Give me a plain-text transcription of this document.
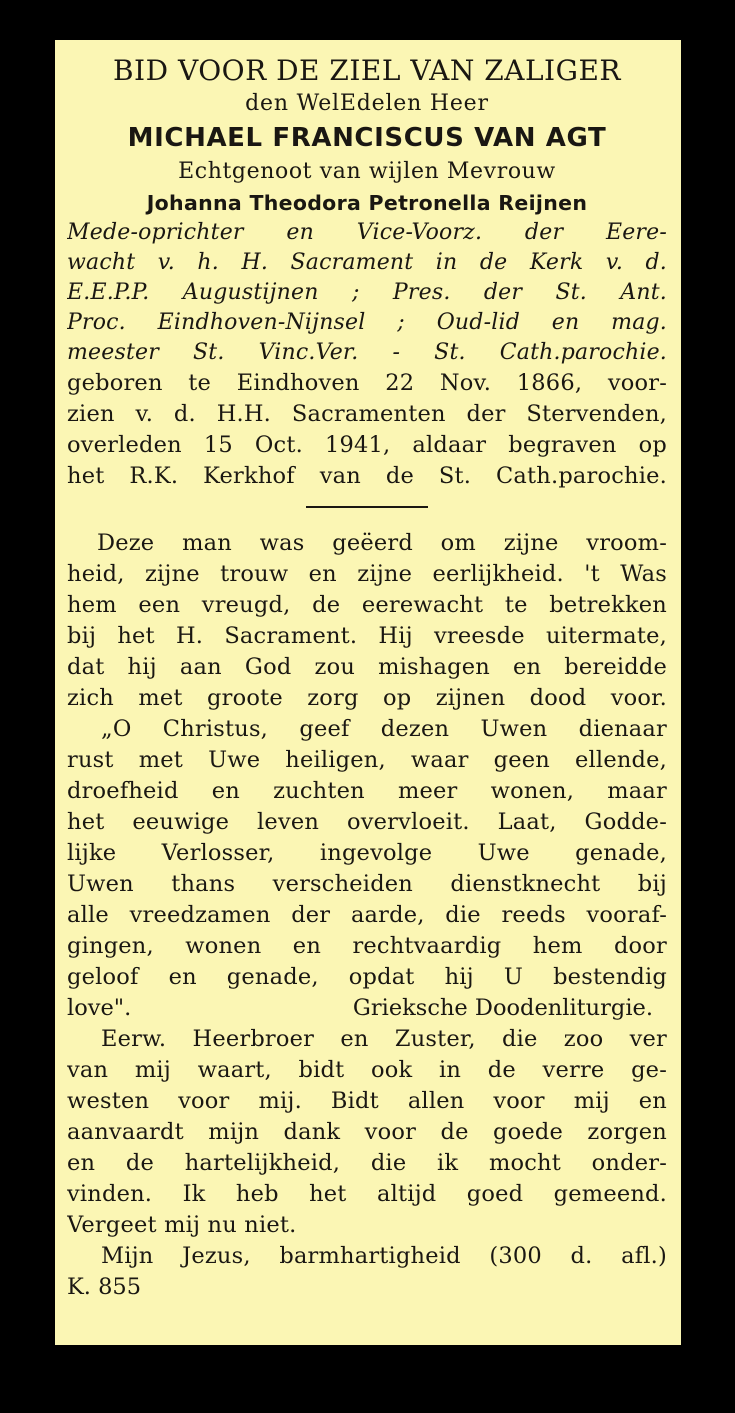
BID VOOR DE ZIEL VAN ZALIGER
den WelEdelen Heer
MICHAEL FRANCISCUS VAN AGT
Echtgenoot van wijlen Mevrouw
Johanna Theodora Petronella Reijnen
Mede-oprichter en Vice-Voorz. der Eere-
wacht v. h. H. Sacrament in de Kerk v. d.
E.E.P.P. Augustijnen ; Pres. der St. Ant.
Proc. Eindhoven-Nijnsel ; Oud-lid en mag.
meester St. Vinc.Ver. - St. Cath.parochie.
geboren te Eindhoven 22 Nov. 1866, voor-
zien v. d. H.H. Sacramenten der Stervenden,
overleden 15 Oct. 1941, aldaar begraven op
het R.K. Kerkhof van de St. Cath.parochie.
Deze man was geëerd om zijne vroom-
heid, zijne trouw en zijne eerlijkheid. 't Was
hem een vreugd, de eerewacht te betrekken
bij het H. Sacrament. Hij vreesde uitermate,
dat hij aan God zou mishagen en bereidde
zich met groote zorg op zijnen dood voor.
„O Christus, geef dezen Uwen dienaar
rust met Uwe heiligen, waar geen ellende,
droefheid en zuchten meer wonen, maar
het eeuwige leven overvloeit. Laat, Godde-
lijke Verlosser, ingevolge Uwe genade,
Uwen thans verscheiden dienstknecht bij
alle vreedzamen der aarde, die reeds vooraf-
gingen, wonen en rechtvaardig hem door
geloof en genade, opdat hij U bestendig
love".	Grieksche Doodenliturgie.
Eerw. Heerbroer en Zuster, die zoo ver
van mij waart, bidt ook in de verre ge-
westen voor mij. Bidt allen voor mij en
aanvaardt mijn dank voor de goede zorgen
en de hartelijkheid, die ik mocht onder-
vinden. Ik heb het altijd goed gemeend.
Vergeet mij nu niet.
Mijn Jezus, barmhartigheid (300 d. afl.)
K. 855
